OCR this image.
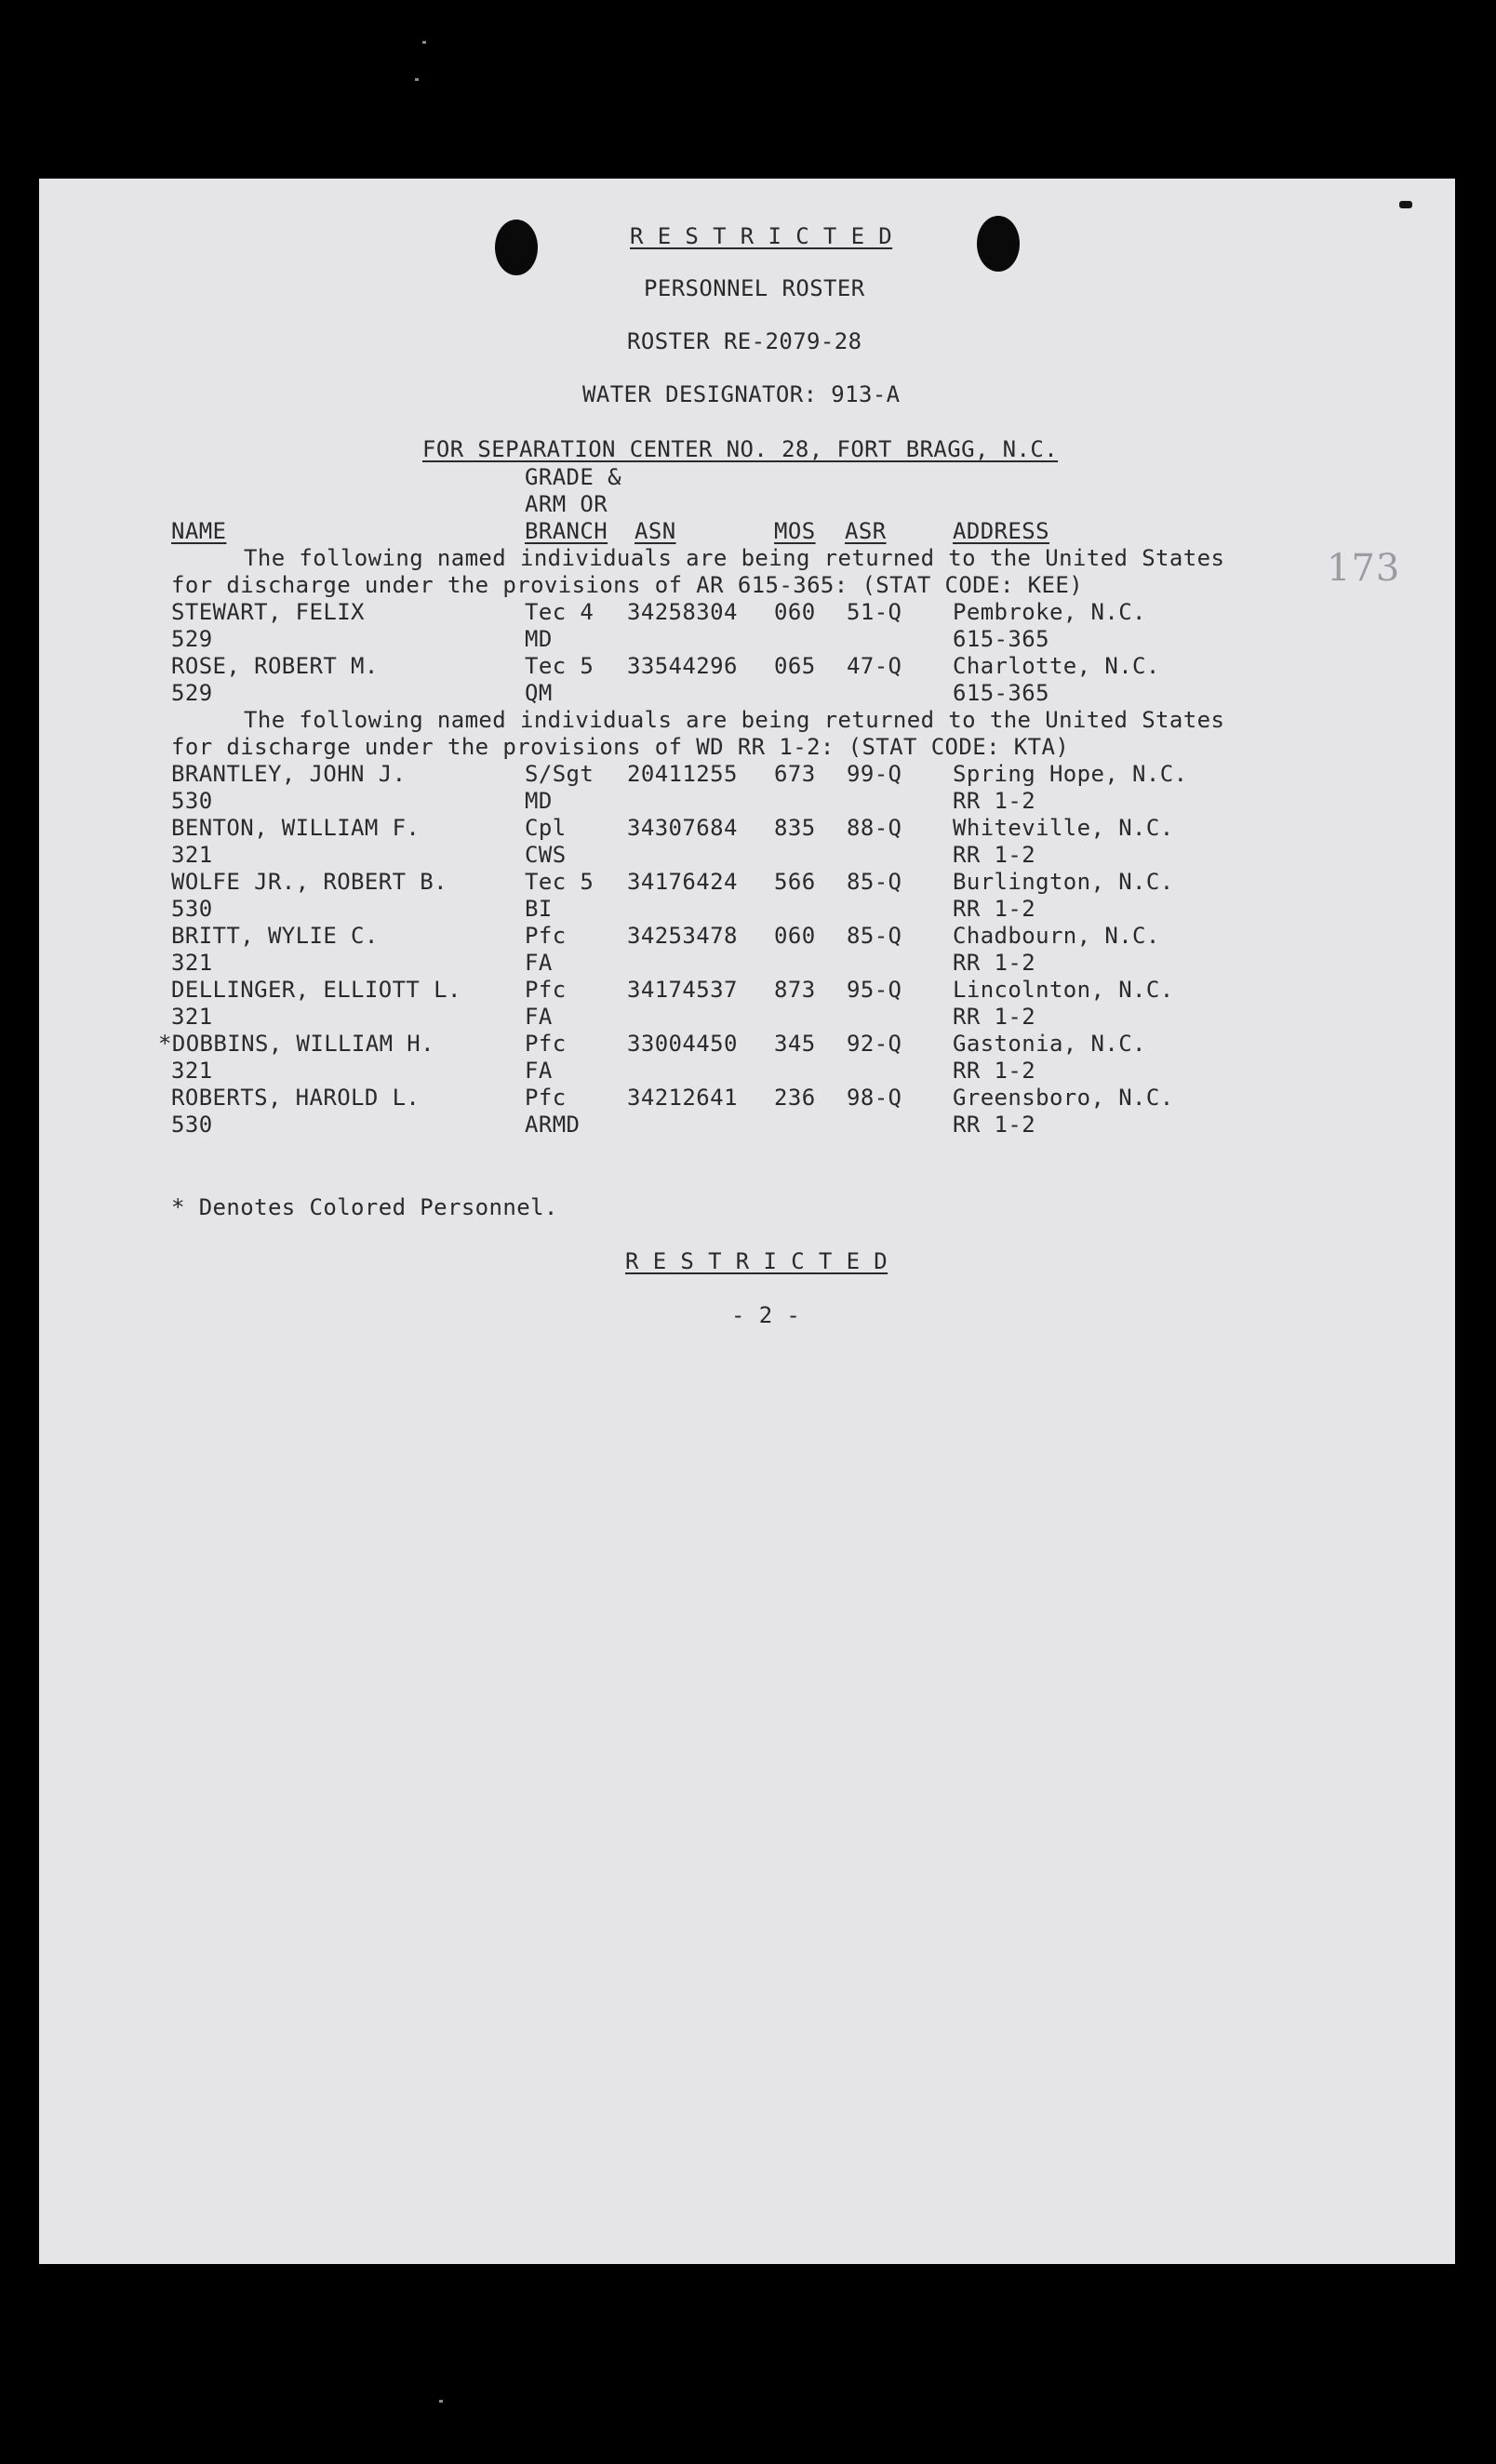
R E S T R I C T E D
PERSONNEL ROSTER
ROSTER RE-2079-28
WATER DESIGNATOR: 913-A
FOR SEPARATION CENTER NO. 28, FORT BRAGG, N.C.
173
GRADE &
ARM OR
NAME	BRANCH ASN	MOS ASR	ADDRESS
The following named individuals are being returned to the United States
for discharge under the provisions of AR 615-365: (STAT CODE: KEE)
STEWART, FELIX	Tec 4 34258304 060 51-Q Pembroke, N.C.
529	MD	615-365
ROSE, ROBERT M.	Tec 5 33544296 065 47-Q Charlotte, N.C.
529	QM	615-365
The following named individuals are being returned to the United States
for discharge under the provisions of WD RR 1-2: (STAT CODE: KTA)
BRANTLEY, JOHN J.	S/Sgt 20411255 673 99-Q Spring Hope, N.C.
530	MD	RR 1-2
BENTON, WILLIAM F.	Cpl	34307684 835 88-Q Whiteville, N.C.
321	CWS	RR 1-2
WOLFE JR., ROBERT B.	Tec 5 34176424 566 85-Q Burlington, N.C.
530	BI	RR 1-2
BRITT, WYLIE C.	Pfc	34253478 060 85-Q Chadbourn, N.C.
321	FA	RR 1-2
DELLINGER, ELLIOTT L.	Pfc	34174537 873 95-Q Lincolnton, N.C.
321	FA	RR 1-2
*DOBBINS, WILLIAM H.	Pfc	33004450 345 92-Q Gastonia, N.C.
321	FA	RR 1-2
ROBERTS, HAROLD L.	Pfc	34212641 236 98-Q Greensboro, N.C.
530	ARMD	RR 1-2
* Denotes Colored Personnel.
R E S T R I C T E D
- 2 -
